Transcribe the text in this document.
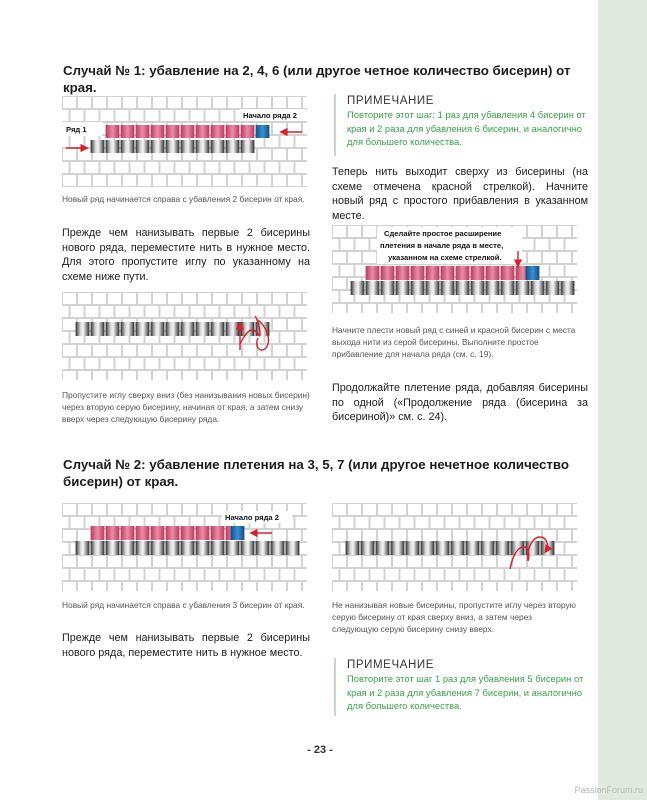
Случай № 1: убавление на 2, 4, 6 (или другое четное количество бисерин) от края.
Ряд 1
Начало ряда 2
Новый ряд начинается справа с убавления 2 бисерин от края.
Прежде чем нанизывать первые 2 бисерины нового ряда, переместите нить в нужное место. Для этого пропустите иглу по указанному на схеме ниже пути.
Пропустите иглу сверху вниз (без нанизывания новых бисерин) через вторую серую бисерину, начиная от края, а затем снизу вверх через следующую бисерину ряда.
ПРИМЕЧАНИЕ
Повторите этот шаг: 1 раз для убавления 4 бисерин от края и 2 раза для убавления 6 бисерин, и аналогично для большего количества.
Теперь нить выходит сверху из бисерины (на схеме отмечена красной стрелкой). Начните новый ряд с простого прибавления в указанном месте.
Сделайте простое расширение
плетения в начале ряда в месте,
указанном на схеме стрелкой.
Начните плести новый ряд с синей и красной бисерин с места выхода нити из серой бисерины. Выполните простое прибавление для начала ряда (см. с. 19).
Продолжайте плетение ряда, добавляя бисерины по одной («Продолжение ряда (бисерина за бисериной)» см. с. 24).
Случай № 2: убавление плетения на 3, 5, 7 (или другое нечетное количество
бисерин) от края.
Начало ряда 2
Новый ряд начинается справа с убавления 3 бисерин от края.
Прежде чем нанизывать первые 2 бисерины нового ряда, переместите нить в нужное место.
Не нанизывая новые бисерины, пропустите иглу через вторую серую бисерину от края сверху вниз, а затем через следующую серую бисерину снизу вверх.
ПРИМЕЧАНИЕ
Повторите этот шаг 1 раз для убавления 5 бисерин от края и 2 раза для убавления 7 бисерин, и аналогично для большего количества.
- 23 -
PassionForum.ru
